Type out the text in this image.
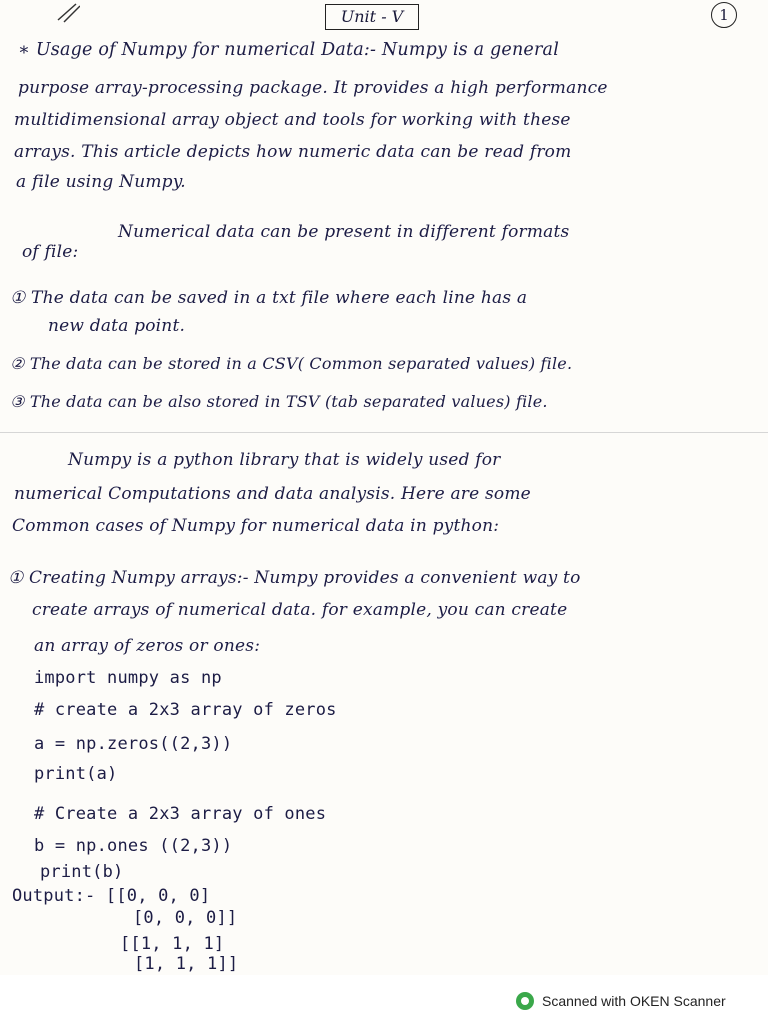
Unit - V	1
∗ Usage of Numpy for numerical Data:- Numpy is a general
purpose array-processing package. It provides a high performance
multidimensional array object and tools for working with these
arrays. This article depicts how numeric data can be read from
a file using Numpy.
Numerical data can be present in different formats
of file:
① The data can be saved in a txt file where each line has a
new data point.
② The data can be stored in a CSV( Common separated values) file.
③ The data can be also stored in TSV (tab separated values) file.
Numpy is a python library that is widely used for
numerical Computations and data analysis. Here are some
Common cases of Numpy for numerical data in python:
① Creating Numpy arrays:- Numpy provides a convenient way to
create arrays of numerical data. for example, you can create
an array of zeros or ones:
import numpy as np
# create a 2x3 array of zeros
a = np.zeros((2,3))
print(a)
# Create a 2x3 array of ones
b = np.ones ((2,3))
print(b)
Output:- [[0, 0, 0]
[0, 0, 0]]
[[1, 1, 1]
[1, 1, 1]]
Scanned with OKEN Scanner
